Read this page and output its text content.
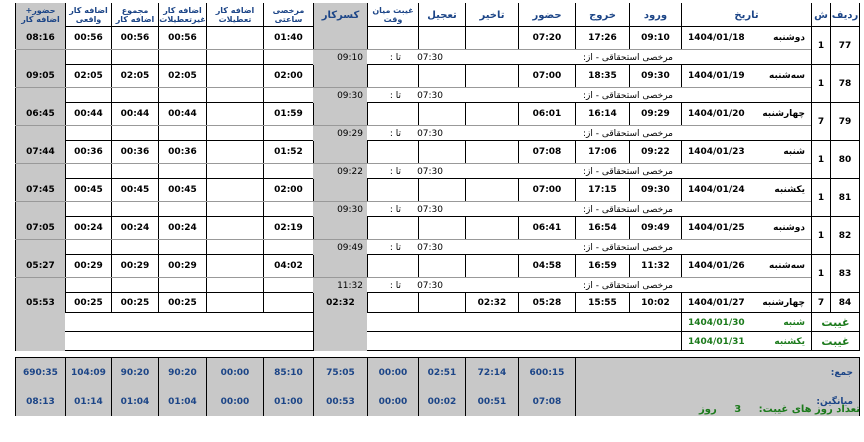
ردیف
ش
تاریخ
ورود
خروج
حضور
تاخیر
تعجیل
غیبت میان وقت
کسرکار
مرخصی ساعتی
اضافه کار تعطیلات
اضافه کار غیرتعطیلات
مجموع اضافه کار
اضافه کار واقعی
حضور+ اضافه کار
77
1
دوشنبه
1404/01/18
09:10
17:26
07:20
01:40
00:56
00:56
00:56
08:16
مرخصی استحقاقی - از:
07:30
تا :
09:10
78
1
سه‌شنبه
1404/01/19
09:30
18:35
07:00
02:00
02:05
02:05
02:05
09:05
مرخصی استحقاقی - از:
07:30
تا :
09:30
79
7
چهارشنبه
1404/01/20
09:29
16:14
06:01
01:59
00:44
00:44
00:44
06:45
مرخصی استحقاقی - از:
07:30
تا :
09:29
80
1
شنبه
1404/01/23
09:22
17:06
07:08
01:52
00:36
00:36
00:36
07:44
مرخصی استحقاقی - از:
07:30
تا :
09:22
81
1
یکشنبه
1404/01/24
09:30
17:15
07:00
02:00
00:45
00:45
00:45
07:45
مرخصی استحقاقی - از:
07:30
تا :
09:30
82
1
دوشنبه
1404/01/25
09:49
16:54
06:41
02:19
00:24
00:24
00:24
07:05
مرخصی استحقاقی - از:
07:30
تا :
09:49
83
1
سه‌شنبه
1404/01/26
11:32
16:59
04:58
04:02
00:29
00:29
00:29
05:27
مرخصی استحقاقی - از:
07:30
تا :
11:32
84
7
چهارشنبه
1404/01/27
10:02
15:55
05:28
02:32
02:32
00:25
00:25
00:25
05:53
غیبت
شنبه
1404/01/30
غیبت
یکشنبه
1404/01/31
جمع:
600:15
72:14
02:51
00:00
75:05
85:10
00:00
90:20
90:20
104:09
690:35
میانگین:
07:08
00:51
00:02
00:00
00:53
01:00
00:00
01:04
01:04
01:14
08:13
تعداد روز های غیبت: 3 روز
